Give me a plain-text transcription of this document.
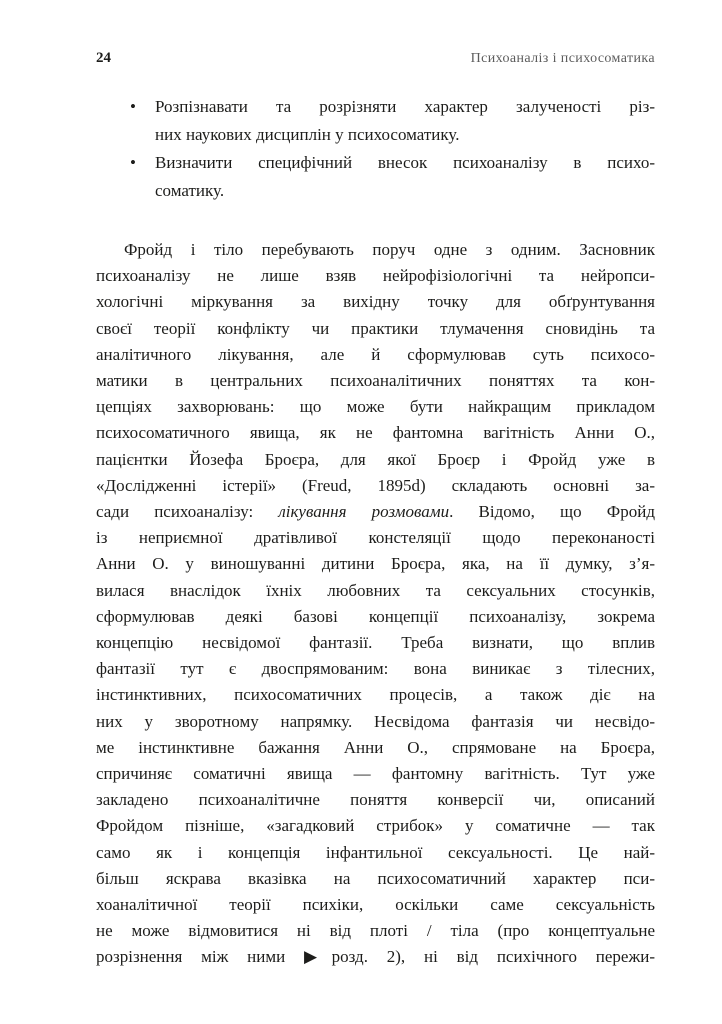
24	Психоаналіз і психосоматика
•	Розпізнавати та розрізняти характер залученості різ-
них наукових дисциплін у психосоматику.
•	Визначити специфічний внесок психоаналізу в психо-
соматику.
Фройд і тіло перебувають поруч одне з одним. Засновник
психоаналізу не лише взяв нейрофізіологічні та нейропси-
хологічні міркування за вихідну точку для обґрунтування
своєї теорії конфлікту чи практики тлумачення сновидінь та
аналітичного лікування, але й сформулював суть психосо-
матики в центральних психоаналітичних поняттях та кон-
цепціях захворювань: що може бути найкращим прикладом
психосоматичного явища, як не фантомна вагітність Анни О.,
пацієнтки Йозефа Броєра, для якої Броєр і Фройд уже в
«Дослідженні істерії» (Freud, 1895d) складають основні за-
сади психоаналізу: лікування розмовами. Відомо, що Фройд
із неприємної дратівливої констеляції щодо переконаності
Анни О. у виношуванні дитини Броєра, яка, на її думку, з’я-
вилася внаслідок їхніх любовних та сексуальних стосунків,
сформулював деякі базові концепції психоаналізу, зокрема
концепцію несвідомої фантазії. Треба визнати, що вплив
фантазії тут є двоспрямованим: вона виникає з тілесних,
інстинктивних, психосоматичних процесів, а також діє на
них у зворотному напрямку. Несвідома фантазія чи несвідо-
ме інстинктивне бажання Анни О., спрямоване на Броєра,
спричиняє соматичні явища — фантомну вагітність. Тут уже
закладено психоаналітичне поняття конверсії чи, описаний
Фройдом пізніше, «загадковий стрибок» у соматичне — так
само як і концепція інфантильної сексуальності. Це най-
більш яскрава вказівка на психосоматичний характер пси-
хоаналітичної теорії психіки, оскільки саме сексуальність
не може відмовитися ні від плоті / тіла (про концептуальне
розрізнення між ними ▶розд. 2), ні від психічного пережи-
